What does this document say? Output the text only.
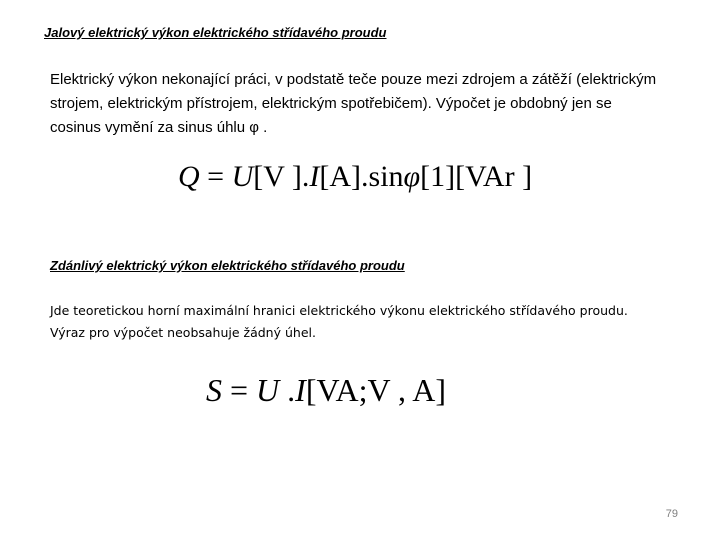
Jalový elektrický výkon elektrického střídavého proudu

Elektrický výkon nekonající práci, v podstatě teče pouze mezi zdrojem a zátěží (elektrickým strojem, elektrickým přístrojem, elektrickým spotřebičem). Výpočet je obdobný jen se cosinus vymění za sinus úhlu φ .

Q = U[V ].I[A].sinφ[1][VAr ]
Zdánlivý elektrický výkon elektrického střídavého proudu

Jde teoretickou horní maximální hranici elektrického výkonu elektrického střídavého proudu. Výraz pro výpočet neobsahuje žádný úhel.

S = U .I[VA;V , A]
79
